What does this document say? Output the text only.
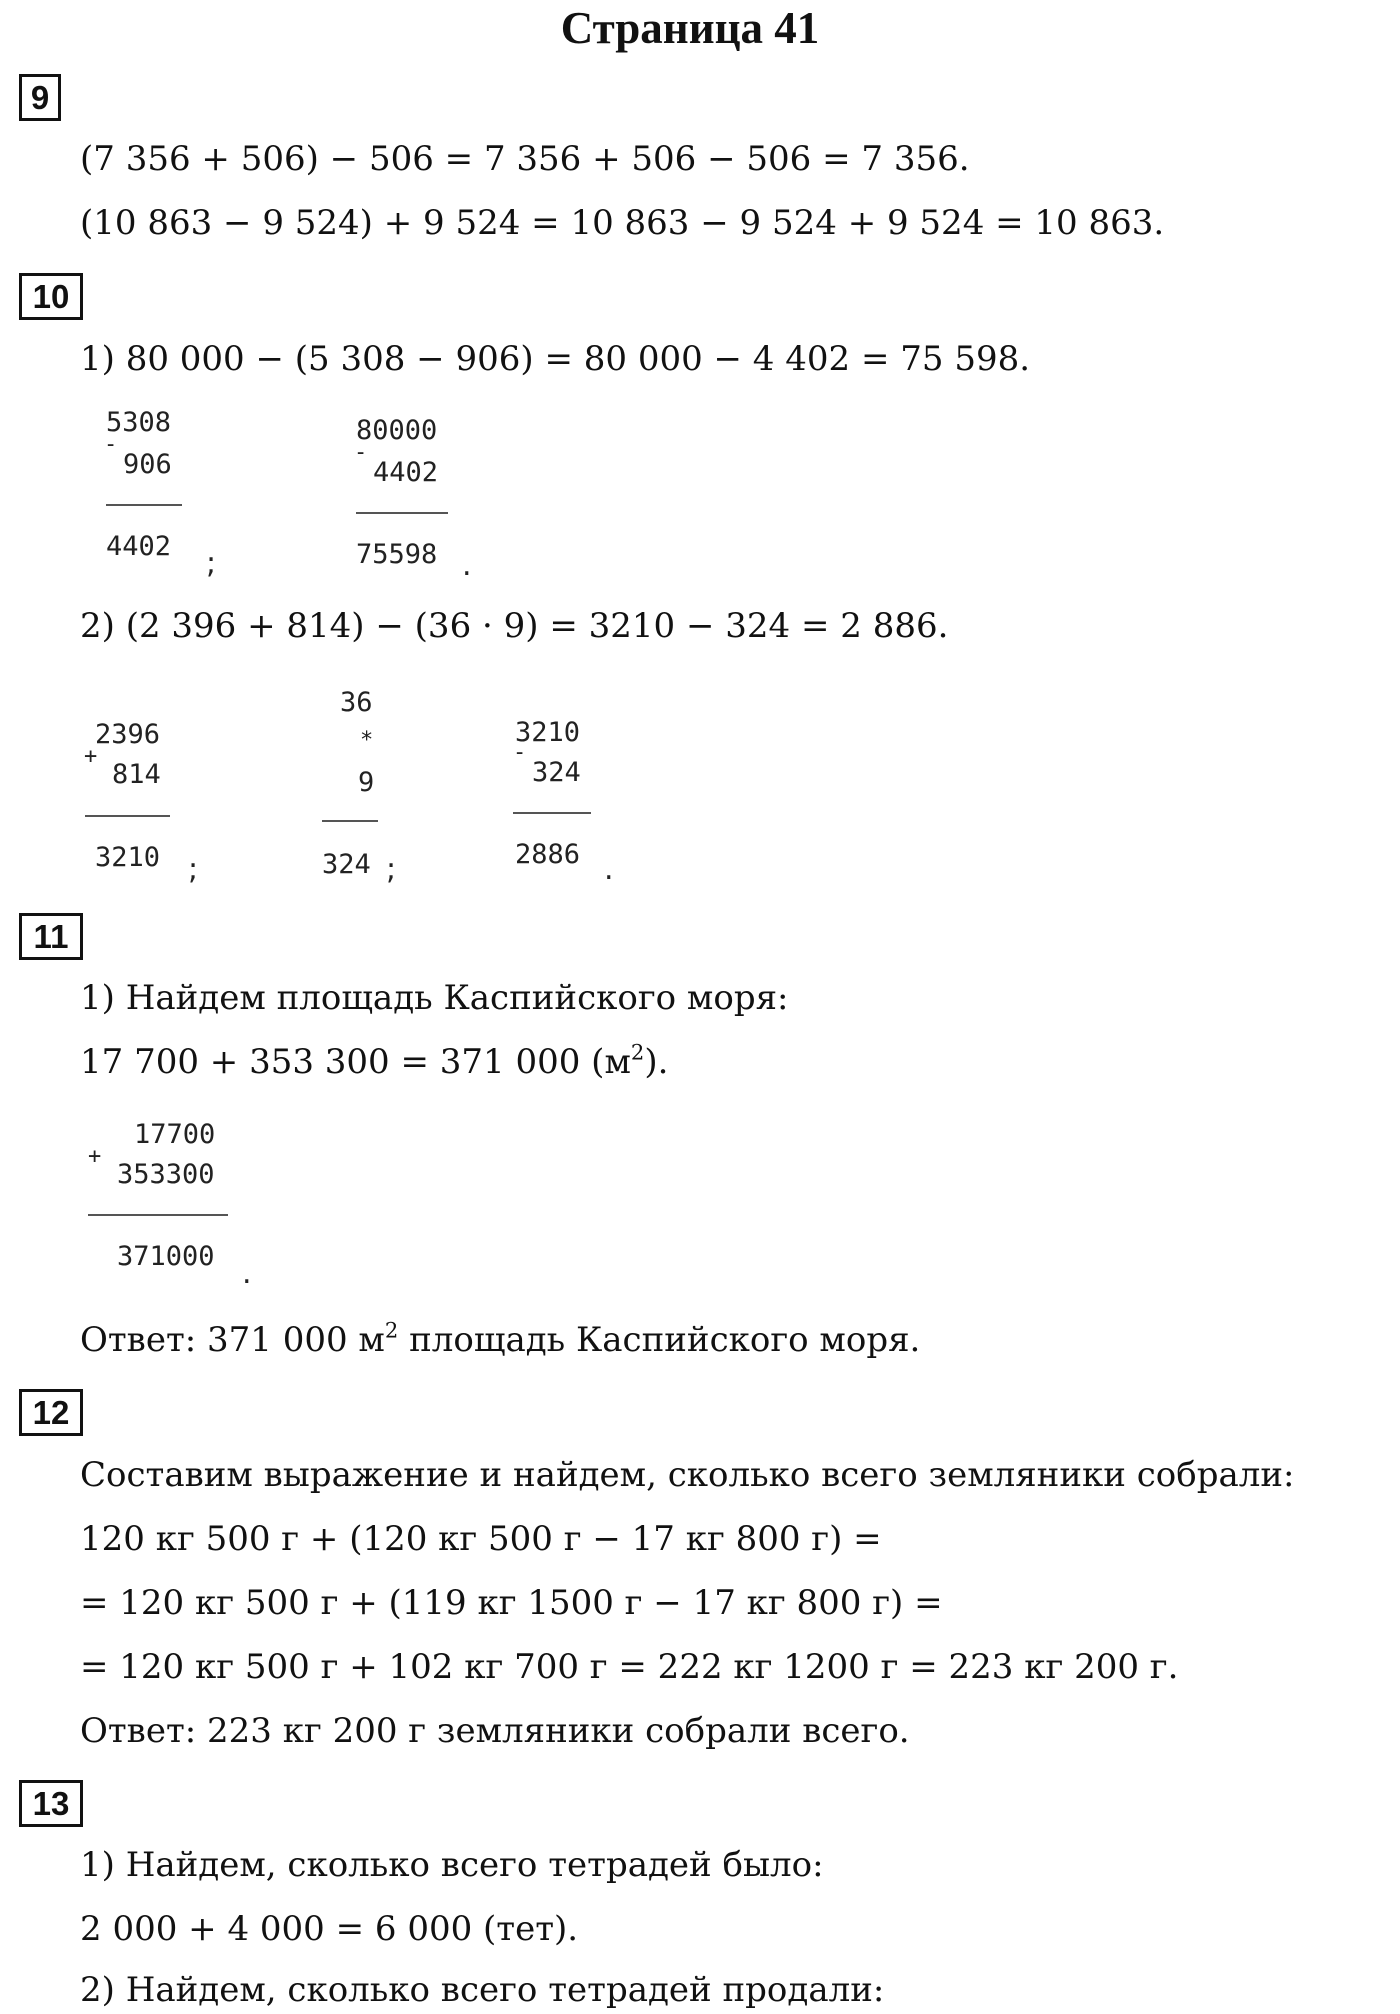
Страница 41
9
(7 356 + 506) − 506 = 7 356 + 506 − 506 = 7 356.
(10 863 − 9 524) + 9 524 = 10 863 − 9 524 + 9 524 = 10 863.
10
1) 80 000 − (5 308 − 906) = 80 000 − 4 402 = 75 598.
5308
-
906
4402 ;
80000
-
4402
75598 .
2) (2 396 + 814) − (36 · 9) = 3210 − 324 = 2 886.
2396
+
814
3210 ;
36
*
9
324 ;
3210
-
324
2886 .
11
1) Найдем площадь Каспийского моря:
17 700 + 353 300 = 371 000 $(м^2)$.
17700
+
353300
371000 .
Ответ: 371 000 $м^2$ площадь Каспийского моря.
12
Составим выражение и найдем, сколько всего земляники собрали:
120 кг 500 г + (120 кг 500 г − 17 кг 800 г) =
= 120 кг 500 г + (119 кг 1500 г − 17 кг 800 г) =
= 120 кг 500 г + 102 кг 700 г = 222 кг 1200 г = 223 кг 200 г.
Ответ: 223 кг 200 г земляники собрали всего.
13
1) Найдем, сколько всего тетрадей было:
2 000 + 4 000 = 6 000 (тет).
2) Найдем, сколько всего тетрадей продали:
